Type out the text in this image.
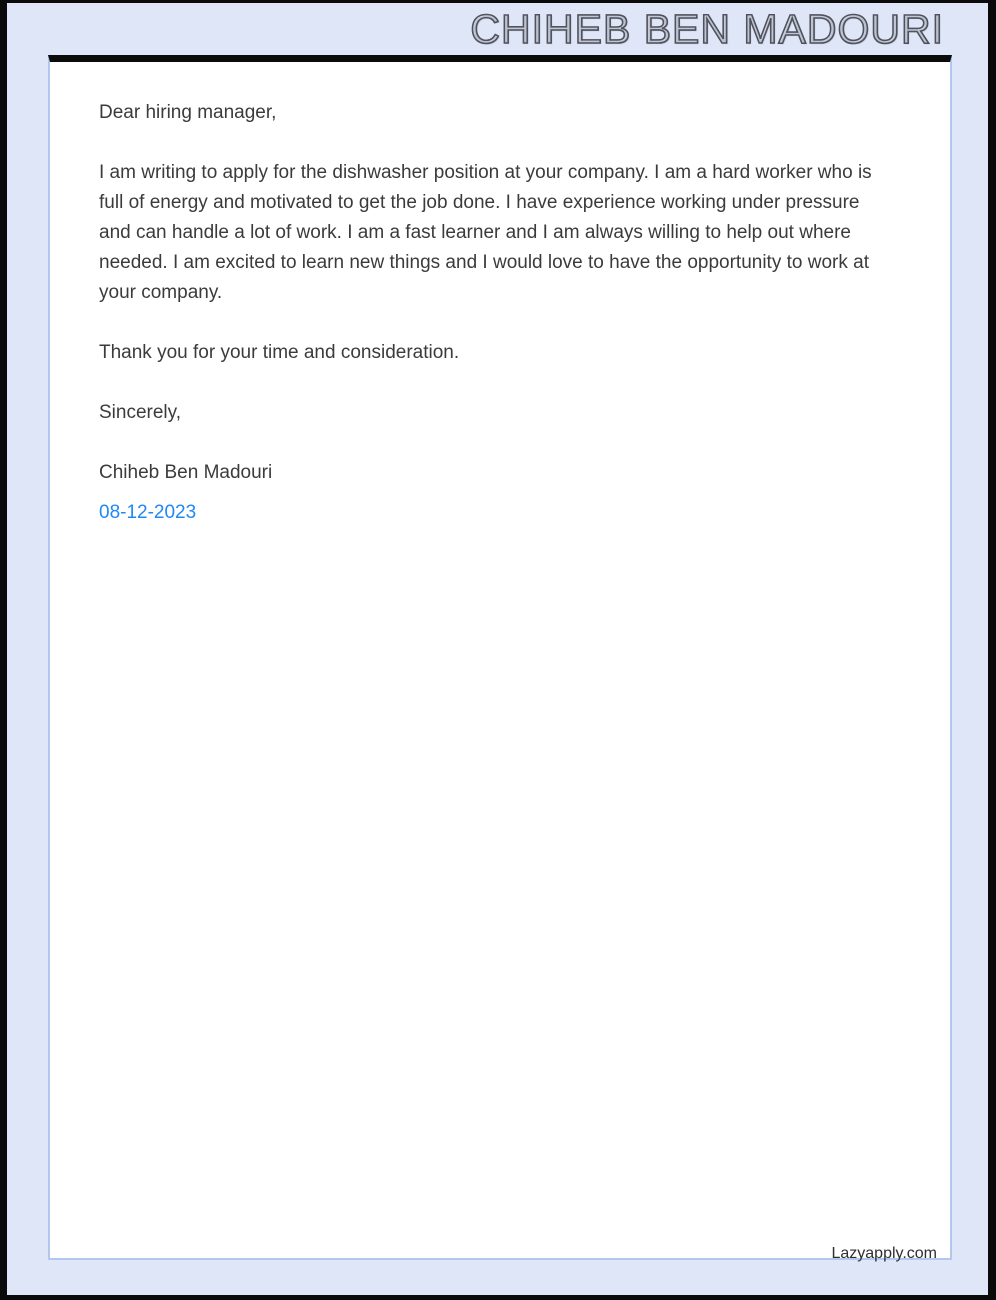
CHIHEB BEN MADOURI

Dear hiring manager,

I am writing to apply for the dishwasher position at your company. I am a hard worker who is full of energy and motivated to get the job done. I have experience working under pressure and can handle a lot of work. I am a fast learner and I am always willing to help out where needed. I am excited to learn new things and I would love to have the opportunity to work at your company.

Thank you for your time and consideration.

Sincerely,

Chiheb Ben Madouri

08-12-2023

Lazyapply.com
